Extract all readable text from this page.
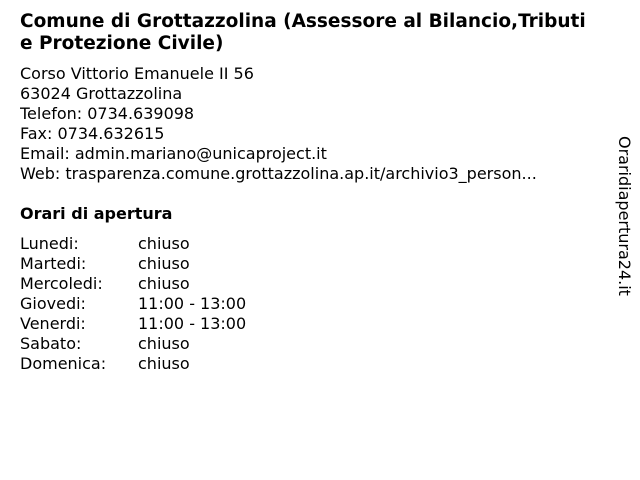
Comune di Grottazzolina (Assessore al Bilancio,Tributi e Protezione Civile)
Corso Vittorio Emanuele II 56
63024 Grottazzolina
Telefon: 0734.639098
Fax: 0734.632615
Email: admin.mariano@unicaproject.it
Web: trasparenza.comune.grottazzolina.ap.it/archivio3_person...
Orari di apertura
Lunedi:	chiuso
Martedi:	chiuso
Mercoledi:	chiuso
Giovedi:	11:00 - 13:00
Venerdi:	11:00 - 13:00
Sabato:	chiuso
Domenica:	chiuso
Oraridiapertura24.it
